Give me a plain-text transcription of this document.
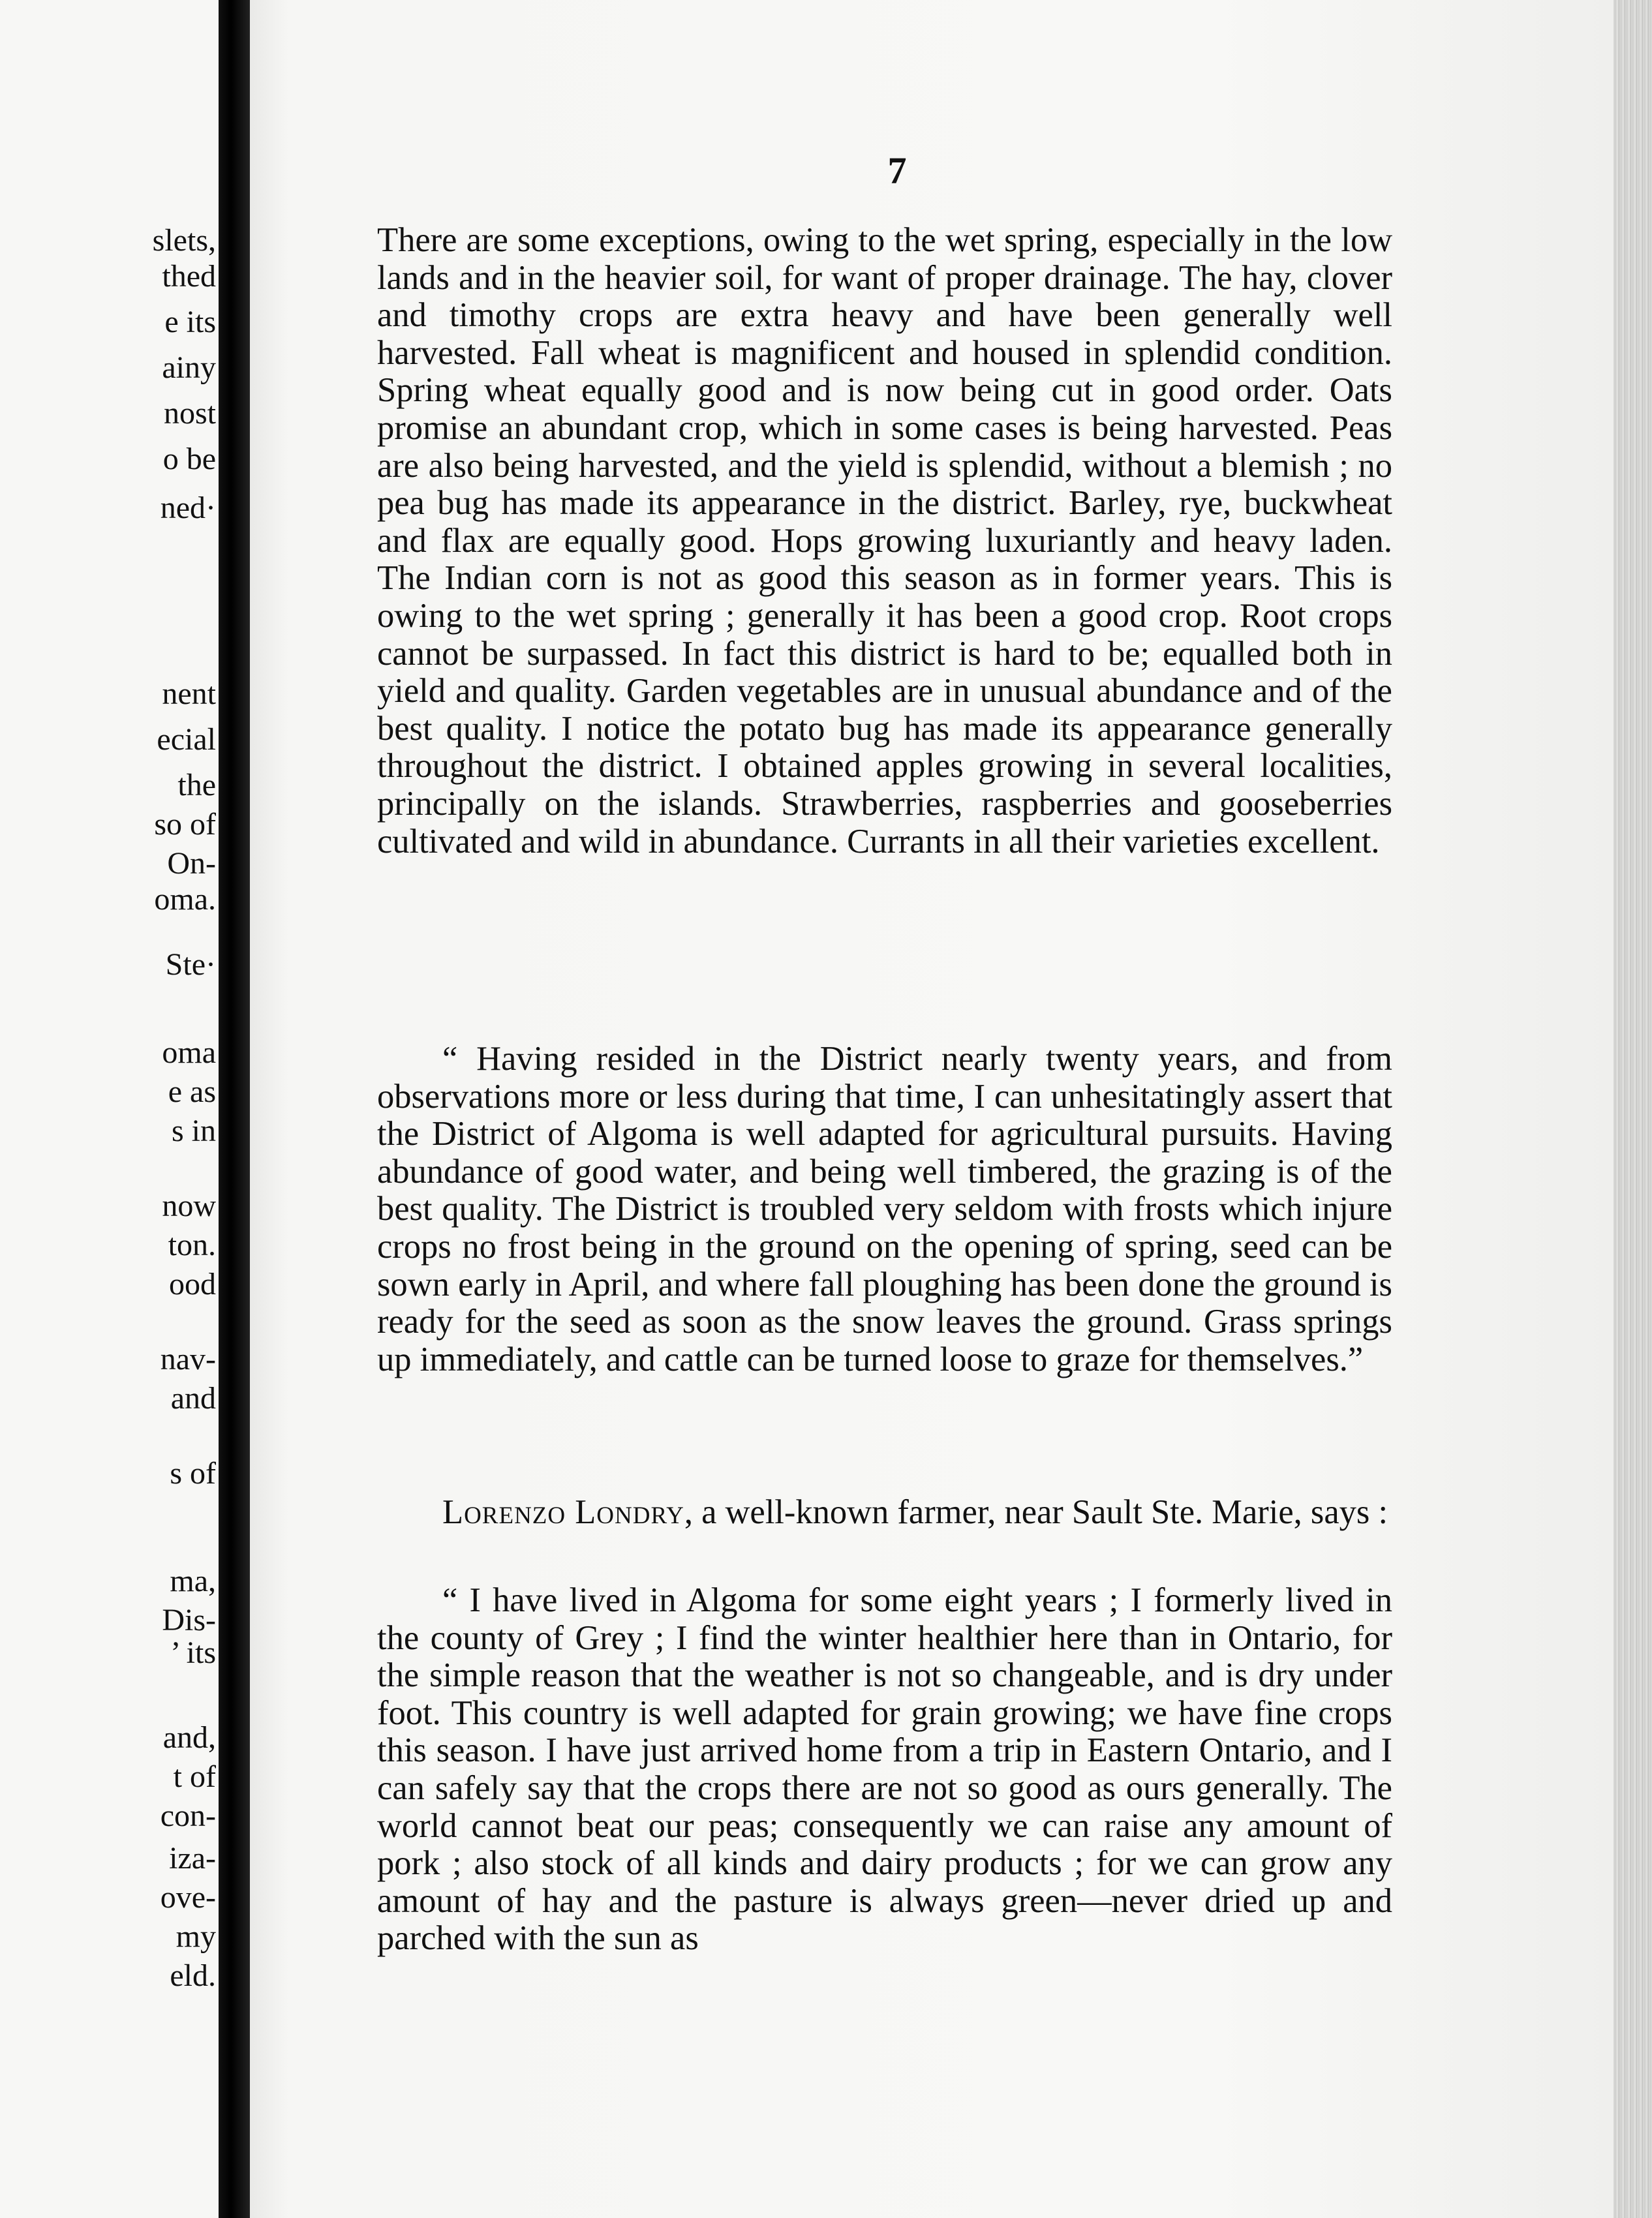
slets,
thed
e its
ainy
nost
o be
ned·
nent
ecial
the
so of
On-
oma.
Ste·
oma
e as
s in
now
ton.
ood
nav-
and
s of
ma,
Dis-
’ its
and,
t of
con-
iza-
ove-
my
eld.
7

There are some exceptions, owing to the wet spring, especially in the low lands and in the heavier soil, for want of proper drainage. The hay, clover and timothy crops are extra heavy and have been generally well harvested. Fall wheat is magnificent and housed in splendid condition. Spring wheat equally good and is now being cut in good order. Oats promise an abundant crop, which in some cases is being harvested. Peas are also being harvested, and the yield is splendid, without a blemish ; no pea bug has made its appearance in the district. Barley, rye, buckwheat and flax are equally good. Hops growing luxuriantly and heavy laden. The Indian corn is not as good this season as in former years. This is owing to the wet spring ; generally it has been a good crop. Root crops cannot be surpassed. In fact this district is hard to be; equalled both in yield and quality. Garden vegetables are in unusual abundance and of the best quality. I notice the potato bug has made its appearance generally throughout the district. I obtained apples growing in several localities, principally on the islands. Strawberries, raspberries and gooseberries cultivated and wild in abundance. Currants in all their varieties excellent.

“ Having resided in the District nearly twenty years, and from observations more or less during that time, I can unhesitatingly assert that the District of Algoma is well adapted for agricultural pursuits. Having abundance of good water, and being well timbered, the grazing is of the best quality. The District is troubled very seldom with frosts which injure crops no frost being in the ground on the opening of spring, seed can be sown early in April, and where fall ploughing has been done the ground is ready for the seed as soon as the snow leaves the ground. Grass springs up immediately, and cattle can be turned loose to graze for themselves.”

Lorenzo Londry, a well-known farmer, near Sault Ste. Marie, says :

“ I have lived in Algoma for some eight years ; I formerly lived in the county of Grey ; I find the winter healthier here than in Ontario, for the simple reason that the weather is not so changeable, and is dry under foot. This country is well adapted for grain growing; we have fine crops this season. I have just arrived home from a trip in Eastern Ontario, and I can safely say that the crops there are not so good as ours generally. The world cannot beat our peas; consequently we can raise any amount of pork ; also stock of all kinds and dairy products ; for we can grow any amount of hay and the pasture is always green—never dried up and parched with the sun as
